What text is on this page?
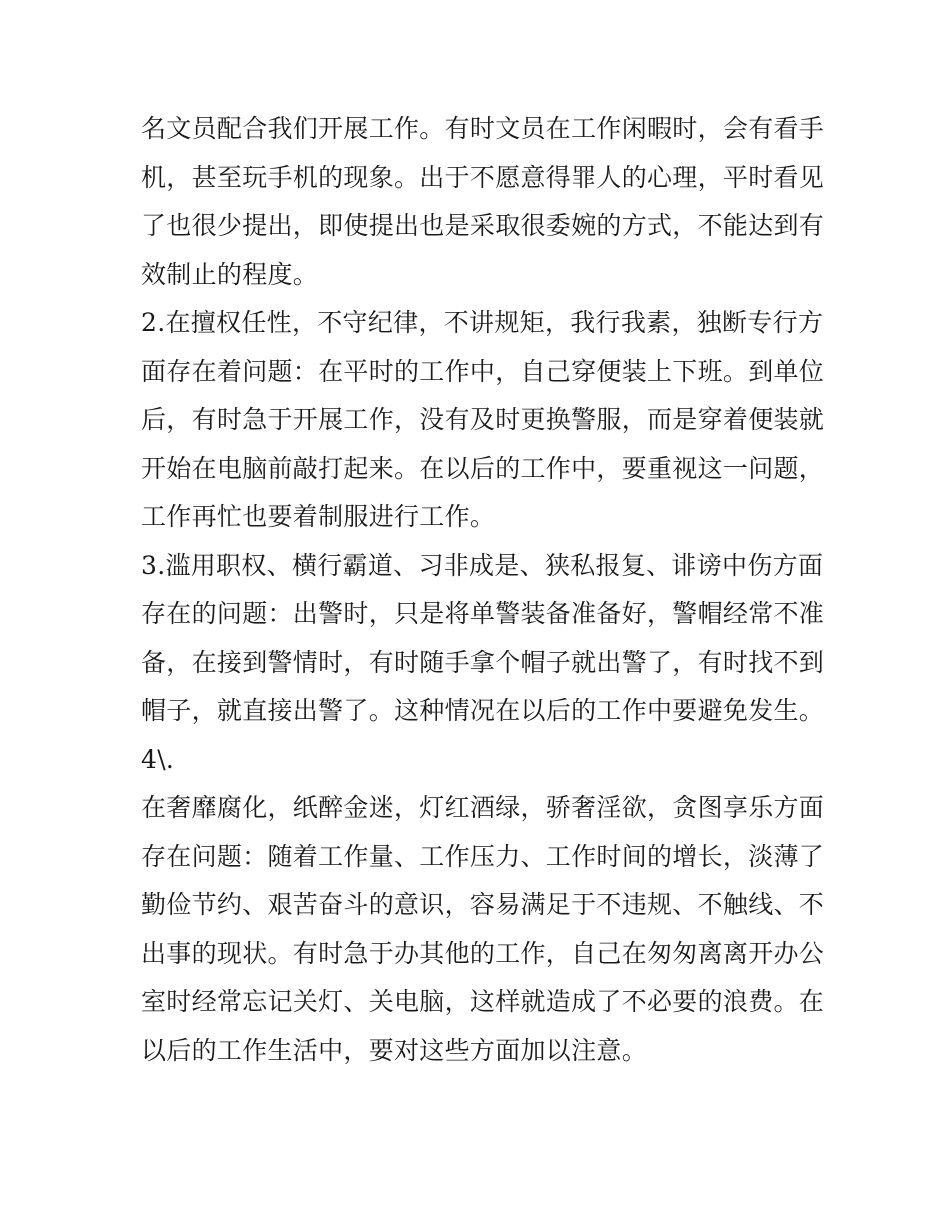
名文员配合我们开展工作。有时文员在工作闲暇时，会有看手
机，甚至玩手机的现象。出于不愿意得罪人的心理，平时看见
了也很少提出，即使提出也是采取很委婉的方式，不能达到有
效制止的程度。
2.在擅权任性，不守纪律，不讲规矩，我行我素，独断专行方
面存在着问题：在平时的工作中，自己穿便装上下班。到单位
后，有时急于开展工作，没有及时更换警服，而是穿着便装就
开始在电脑前敲打起来。在以后的工作中，要重视这一问题，
工作再忙也要着制服进行工作。
3.滥用职权、横行霸道、习非成是、狭私报复、诽谤中伤方面
存在的问题：出警时，只是将单警装备准备好，警帽经常不准
备，在接到警情时，有时随手拿个帽子就出警了，有时找不到
帽子，就直接出警了。这种情况在以后的工作中要避免发生。
4\.
在奢靡腐化，纸醉金迷，灯红酒绿，骄奢淫欲，贪图享乐方面
存在问题：随着工作量、工作压力、工作时间的增长，淡薄了
勤俭节约、艰苦奋斗的意识，容易满足于不违规、不触线、不
出事的现状。有时急于办其他的工作，自己在匆匆离离开办公
室时经常忘记关灯、关电脑，这样就造成了不必要的浪费。在
以后的工作生活中，要对这些方面加以注意。
